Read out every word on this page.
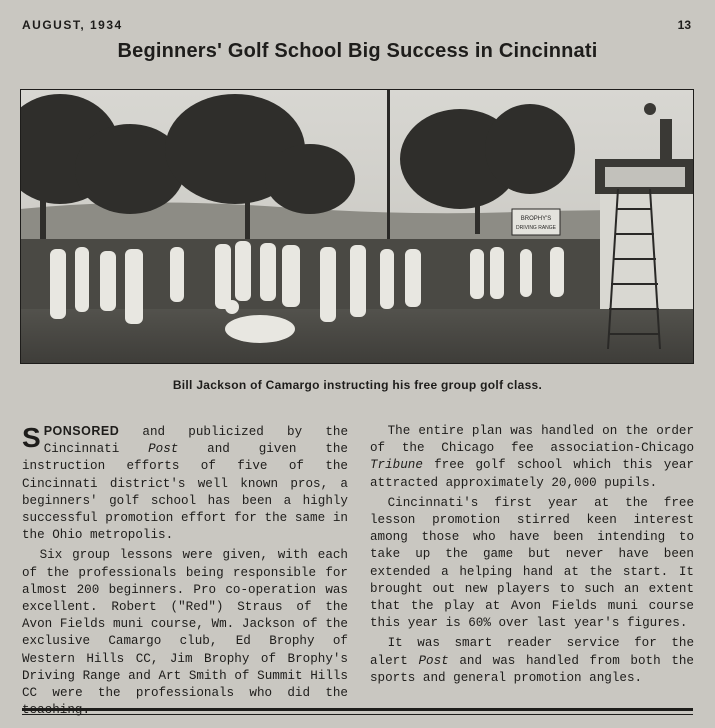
AUGUST, 1934	13
Beginners' Golf School Big Success in Cincinnati
BROPHY'S
DRIVING RANGE
Bill Jackson of Camargo instructing his free group golf class.

SPONSORED and publicized by the Cincinnati Post and given the instruction efforts of five of the Cincinnati district's well known pros, a beginners' golf school has been a highly successful promotion effort for the same in the Ohio metropolis.

Six group lessons were given, with each of the professionals being responsible for almost 200 beginners. Pro co-operation was excellent. Robert ("Red") Straus of the Avon Fields muni course, Wm. Jackson of the exclusive Camargo club, Ed Brophy of Western Hills CC, Jim Brophy of Brophy's Driving Range and Art Smith of Summit Hills CC were the professionals who did the

The entire plan was handled on the order of the Chicago fee association-Chicago Tribune free golf school which this year attracted approximately 20,000 pupils.

Cincinnati's first year at the free lesson promotion stirred keen interest among those who have been intending to take up the game but never have been extended a helping hand at the start. It brought out new players to such an extent that the play at Avon Fields muni course this year is 60% over last year's figures.

It was smart reader service for the alert Post and was handled from both the sports and general promotion angles.
